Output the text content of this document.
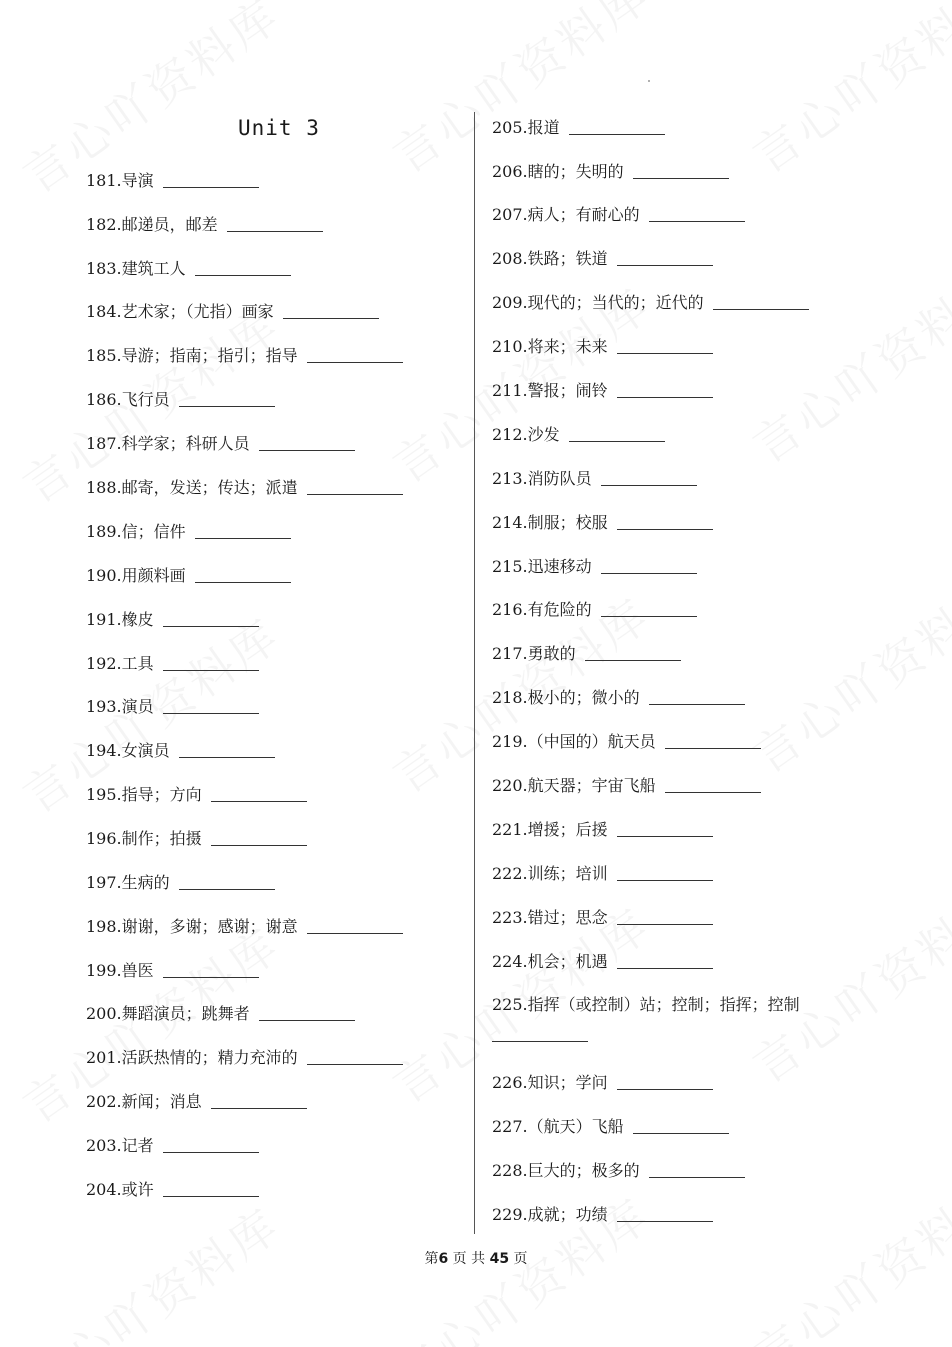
Unit 3
181.导演
182.邮递员，邮差
183.建筑工人
184.艺术家；（尤指）画家
185.导游；指南；指引；指导
186.飞行员
187.科学家；科研人员
188.邮寄，发送；传达；派遣
189.信；信件
190.用颜料画
191.橡皮
192.工具
193.演员
194.女演员
195.指导；方向
196.制作；拍摄
197.生病的
198.谢谢，多谢；感谢；谢意
199.兽医
200.舞蹈演员；跳舞者
201.活跃热情的；精力充沛的
202.新闻；消息
203.记者
204.或许
205.报道
206.瞎的；失明的
207.病人；有耐心的
208.铁路；铁道
209.现代的；当代的；近代的
210.将来；未来
211.警报；闹铃
212.沙发
213.消防队员
214.制服；校服
215.迅速移动
216.有危险的
217.勇敢的
218.极小的；微小的
219.（中国的）航天员
220.航天器；宇宙飞船
221.增援；后援
222.训练；培训
223.错过；思念
224.机会；机遇
225.指挥（或控制）站；控制；指挥；控制
226.知识；学问
227.（航天）飞船
228.巨大的；极多的
229.成就；功绩
第6 页 共 45 页
